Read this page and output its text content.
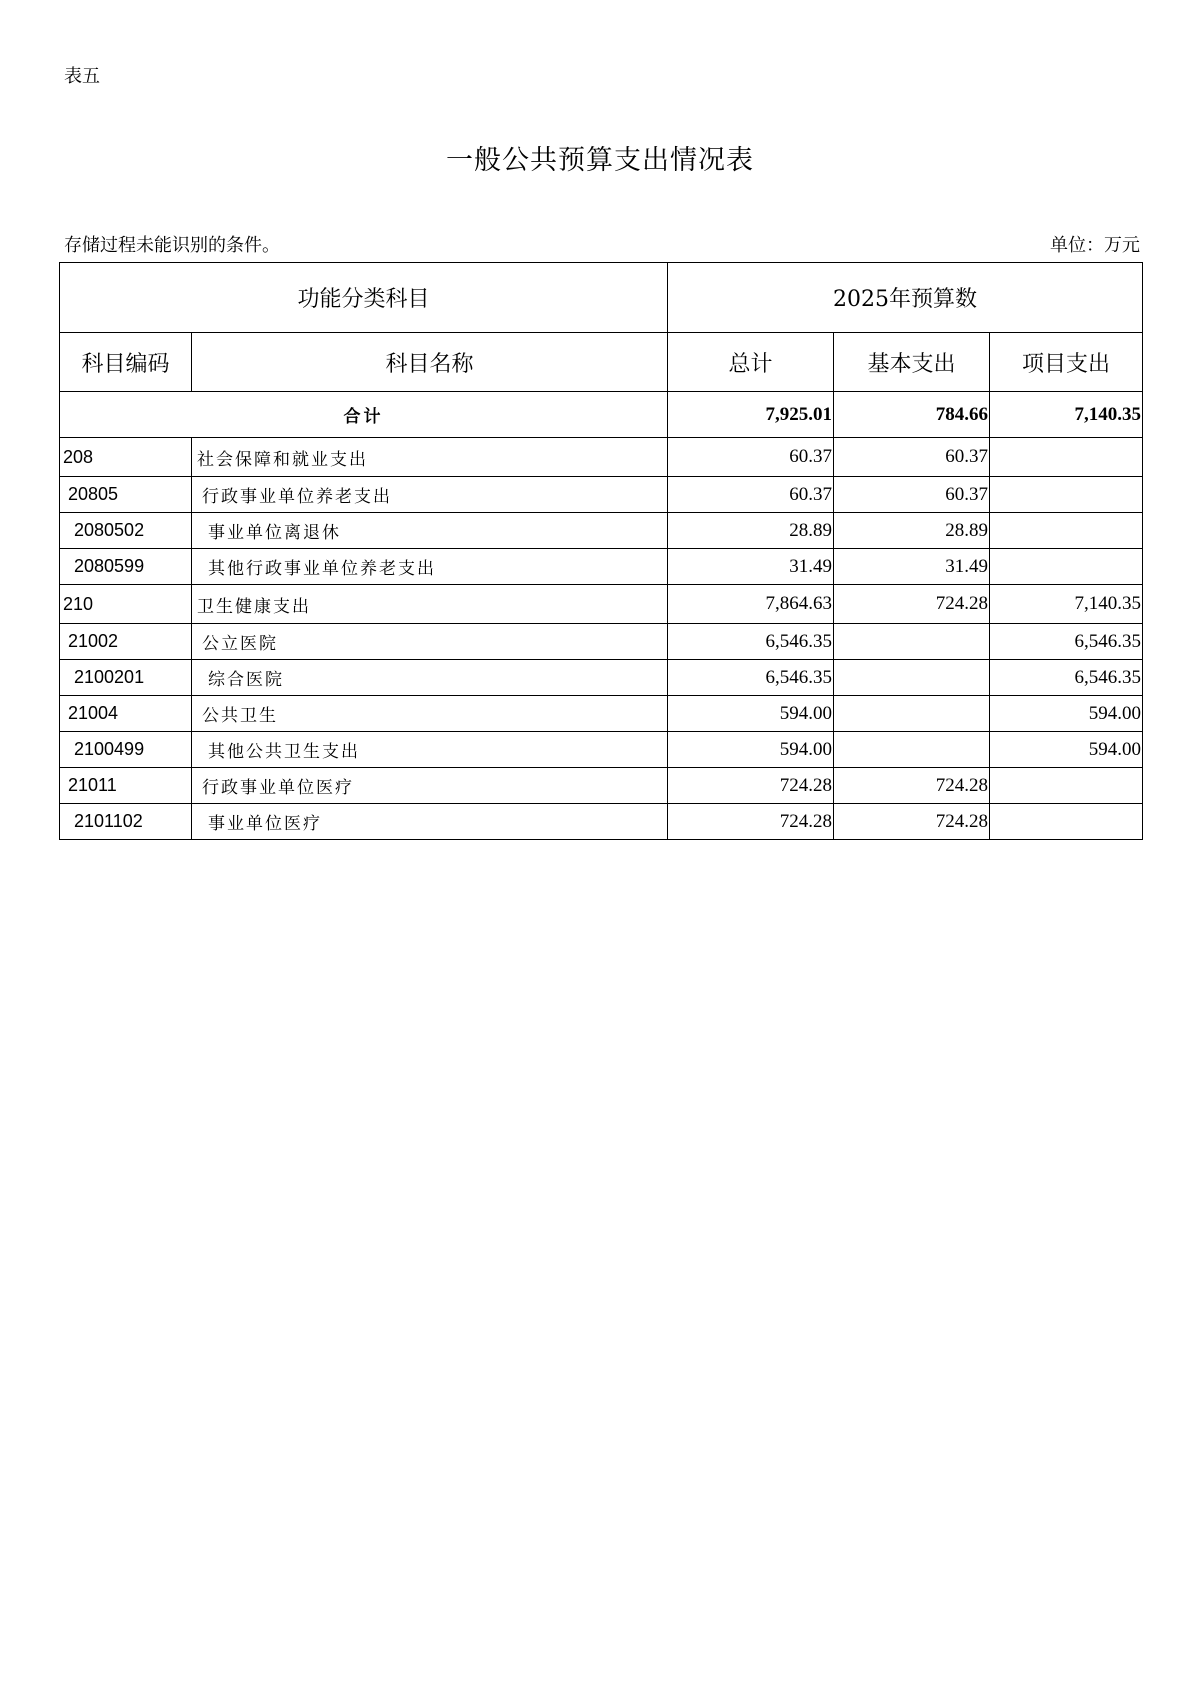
表五
一般公共预算支出情况表
存储过程未能识别的条件。	单位：万元
功能分类科目		2025年预算数		
科目编码	科目名称	总计	基本支出	项目支出
合计		7,925.01	784.66	7,140.35
208	社会保障和就业支出	60.37	60.37	
20805	行政事业单位养老支出	60.37	60.37	
2080502	事业单位离退休	28.89	28.89	
2080599	其他行政事业单位养老支出	31.49	31.49	
210	卫生健康支出	7,864.63	724.28	7,140.35
21002	公立医院	6,546.35		6,546.35
2100201	综合医院	6,546.35		6,546.35
21004	公共卫生	594.00		594.00
2100499	其他公共卫生支出	594.00		594.00
21011	行政事业单位医疗	724.28	724.28	
2101102	事业单位医疗	724.28	724.28	
